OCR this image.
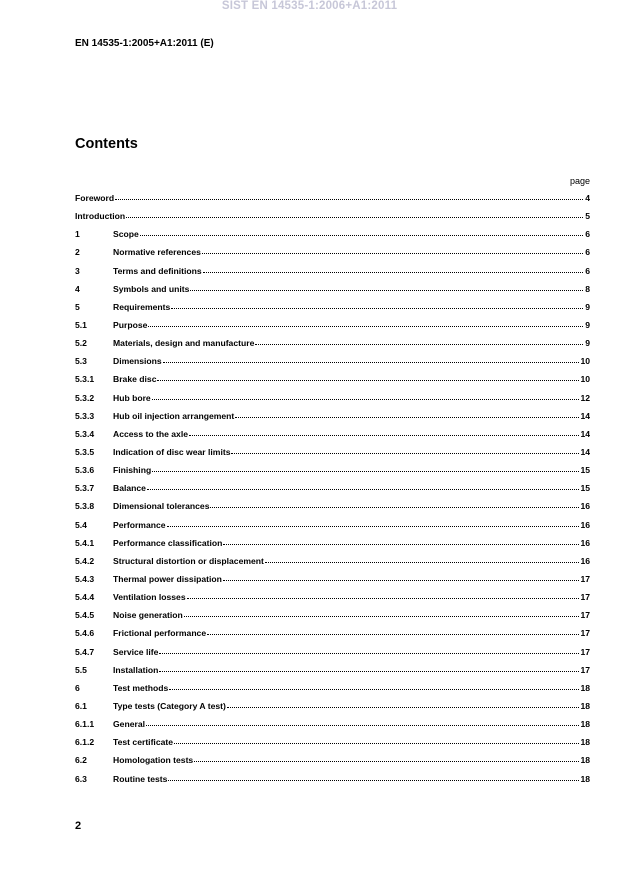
SIST EN 14535-1:2006+A1:2011
EN 14535-1:2005+A1:2011 (E)
Contents
page
Foreword	4
Introduction	5
1	Scope	6
2	Normative references	6
3	Terms and definitions	6
4	Symbols and units	8
5	Requirements	9
5.1	Purpose	9
5.2	Materials, design and manufacture	9
5.3	Dimensions	10
5.3.1	Brake disc	10
5.3.2	Hub bore	12
5.3.3	Hub oil injection arrangement	14
5.3.4	Access to the axle	14
5.3.5	Indication of disc wear limits	14
5.3.6	Finishing	15
5.3.7	Balance	15
5.3.8	Dimensional tolerances	16
5.4	Performance	16
5.4.1	Performance classification	16
5.4.2	Structural distortion or displacement	16
5.4.3	Thermal power dissipation	17
5.4.4	Ventilation losses	17
5.4.5	Noise generation	17
5.4.6	Frictional performance	17
5.4.7	Service life	17
5.5	Installation	17
6	Test methods	18
6.1	Type tests (Category A test)	18
6.1.1	General	18
6.1.2	Test certificate	18
6.2	Homologation tests	18
6.3	Routine tests	18
2
